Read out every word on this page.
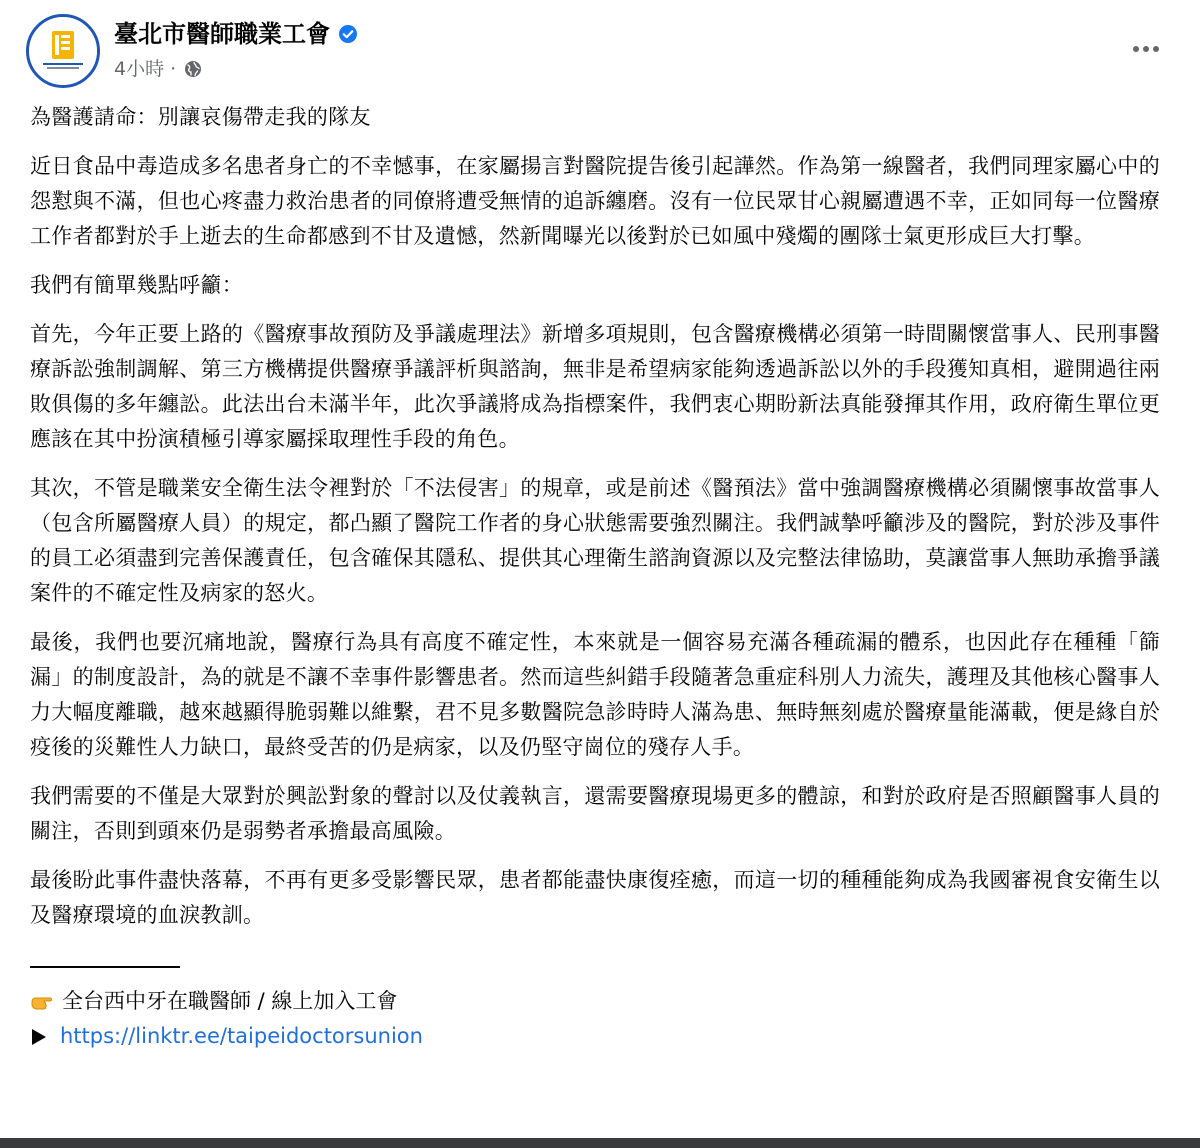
臺北市醫師職業工會
4小時 ·

為醫護請命：別讓哀傷帶走我的隊友

近日食品中毒造成多名患者身亡的不幸憾事，在家屬揚言對醫院提告後引起譁然。作為第一線醫者，我們同理家屬心中的怨懟與不滿，但也心疼盡力救治患者的同僚將遭受無情的追訴纏磨。沒有一位民眾甘心親屬遭遇不幸，正如同每一位醫療工作者都對於手上逝去的生命都感到不甘及遺憾，然新聞曝光以後對於已如風中殘燭的團隊士氣更形成巨大打擊。

我們有簡單幾點呼籲：

首先，今年正要上路的《醫療事故預防及爭議處理法》新增多項規則，包含醫療機構必須第一時間關懷當事人、民刑事醫療訴訟強制調解、第三方機構提供醫療爭議評析與諮詢，無非是希望病家能夠透過訴訟以外的手段獲知真相，避開過往兩敗俱傷的多年纏訟。此法出台未滿半年，此次爭議將成為指標案件，我們衷心期盼新法真能發揮其作用，政府衛生單位更應該在其中扮演積極引導家屬採取理性手段的角色。

其次，不管是職業安全衛生法令裡對於「不法侵害」的規章，或是前述《醫預法》當中強調醫療機構必須關懷事故當事人（包含所屬醫療人員）的規定，都凸顯了醫院工作者的身心狀態需要強烈關注。我們誠摯呼籲涉及的醫院，對於涉及事件的員工必須盡到完善保護責任，包含確保其隱私、提供其心理衛生諮詢資源以及完整法律協助，莫讓當事人無助承擔爭議案件的不確定性及病家的怒火。

最後，我們也要沉痛地說，醫療行為具有高度不確定性，本來就是一個容易充滿各種疏漏的體系，也因此存在種種「篩漏」的制度設計，為的就是不讓不幸事件影響患者。然而這些糾錯手段隨著急重症科別人力流失，護理及其他核心醫事人力大幅度離職，越來越顯得脆弱難以維繫，君不見多數醫院急診時時人滿為患、無時無刻處於醫療量能滿載，便是緣自於疫後的災難性人力缺口，最終受苦的仍是病家，以及仍堅守崗位的殘存人手。

我們需要的不僅是大眾對於興訟對象的聲討以及仗義執言，還需要醫療現場更多的體諒，和對於政府是否照顧醫事人員的關注，否則到頭來仍是弱勢者承擔最高風險。

最後盼此事件盡快落幕，不再有更多受影響民眾，患者都能盡快康復痊癒，而這一切的種種能夠成為我國審視食安衛生以及醫療環境的血淚教訓。

全台西中牙在職醫師 / 線上加入工會
https://linktr.ee/taipeidoctorsunion
